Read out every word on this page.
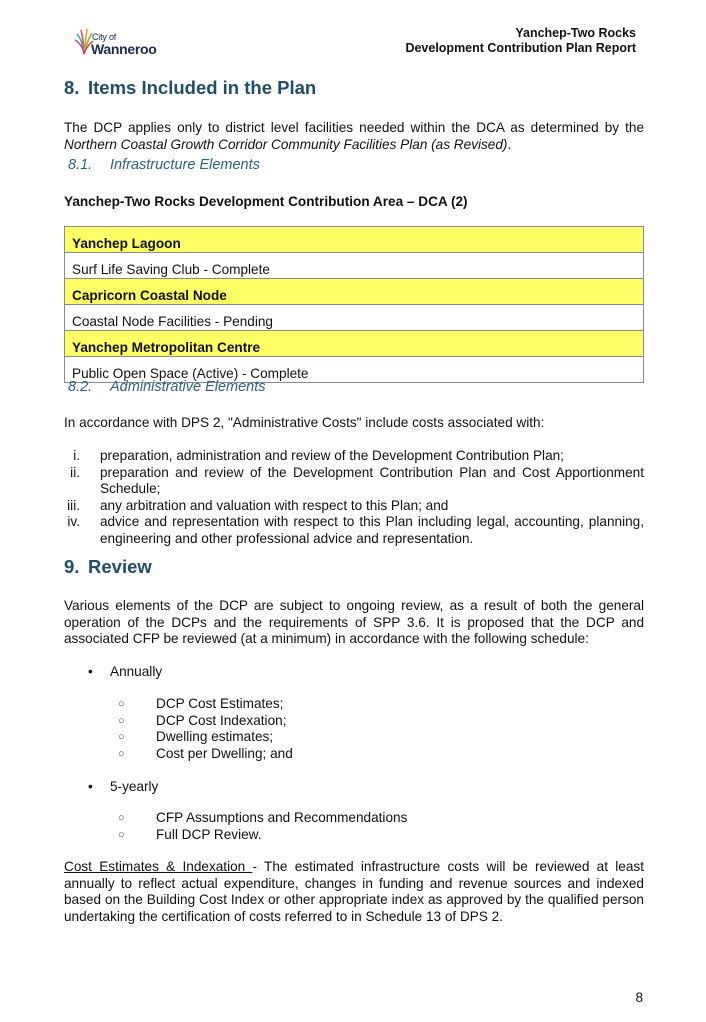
City of
Wanneroo
Yanchep-Two Rocks
Development Contribution Plan Report
8. Items Included in the Plan

The DCP applies only to district level facilities needed within the DCA as determined by the Northern Coastal Growth Corridor Community Facilities Plan (as Revised).

8.1. Infrastructure Elements

Yanchep-Two Rocks Development Contribution Area – DCA (2)

Yanchep Lagoon
Surf Life Saving Club - Complete
Capricorn Coastal Node
Coastal Node Facilities - Pending
Yanchep Metropolitan Centre
Public Open Space (Active) - Complete
8.2. Administrative Elements

In accordance with DPS 2, "Administrative Costs" include costs associated with:

i. preparation, administration and review of the Development Contribution Plan;
ii. preparation and review of the Development Contribution Plan and Cost Apportionment Schedule;
iii. any arbitration and valuation with respect to this Plan; and
iv. advice and representation with respect to this Plan including legal, accounting, planning, engineering and other professional advice and representation.
9. Review

Various elements of the DCP are subject to ongoing review, as a result of both the general operation of the DCPs and the requirements of SPP 3.6. It is proposed that the DCP and associated CFP be reviewed (at a minimum) in accordance with the following schedule:

• Annually
○ DCP Cost Estimates;
○ DCP Cost Indexation;
○ Dwelling estimates;
○ Cost per Dwelling; and
• 5-yearly
○ CFP Assumptions and Recommendations
○ Full DCP Review.

Cost Estimates & Indexation - The estimated infrastructure costs will be reviewed at least annually to reflect actual expenditure, changes in funding and revenue sources and indexed based on the Building Cost Index or other appropriate index as approved by the qualified person undertaking the certification of costs referred to in Schedule 13 of DPS 2.

8
